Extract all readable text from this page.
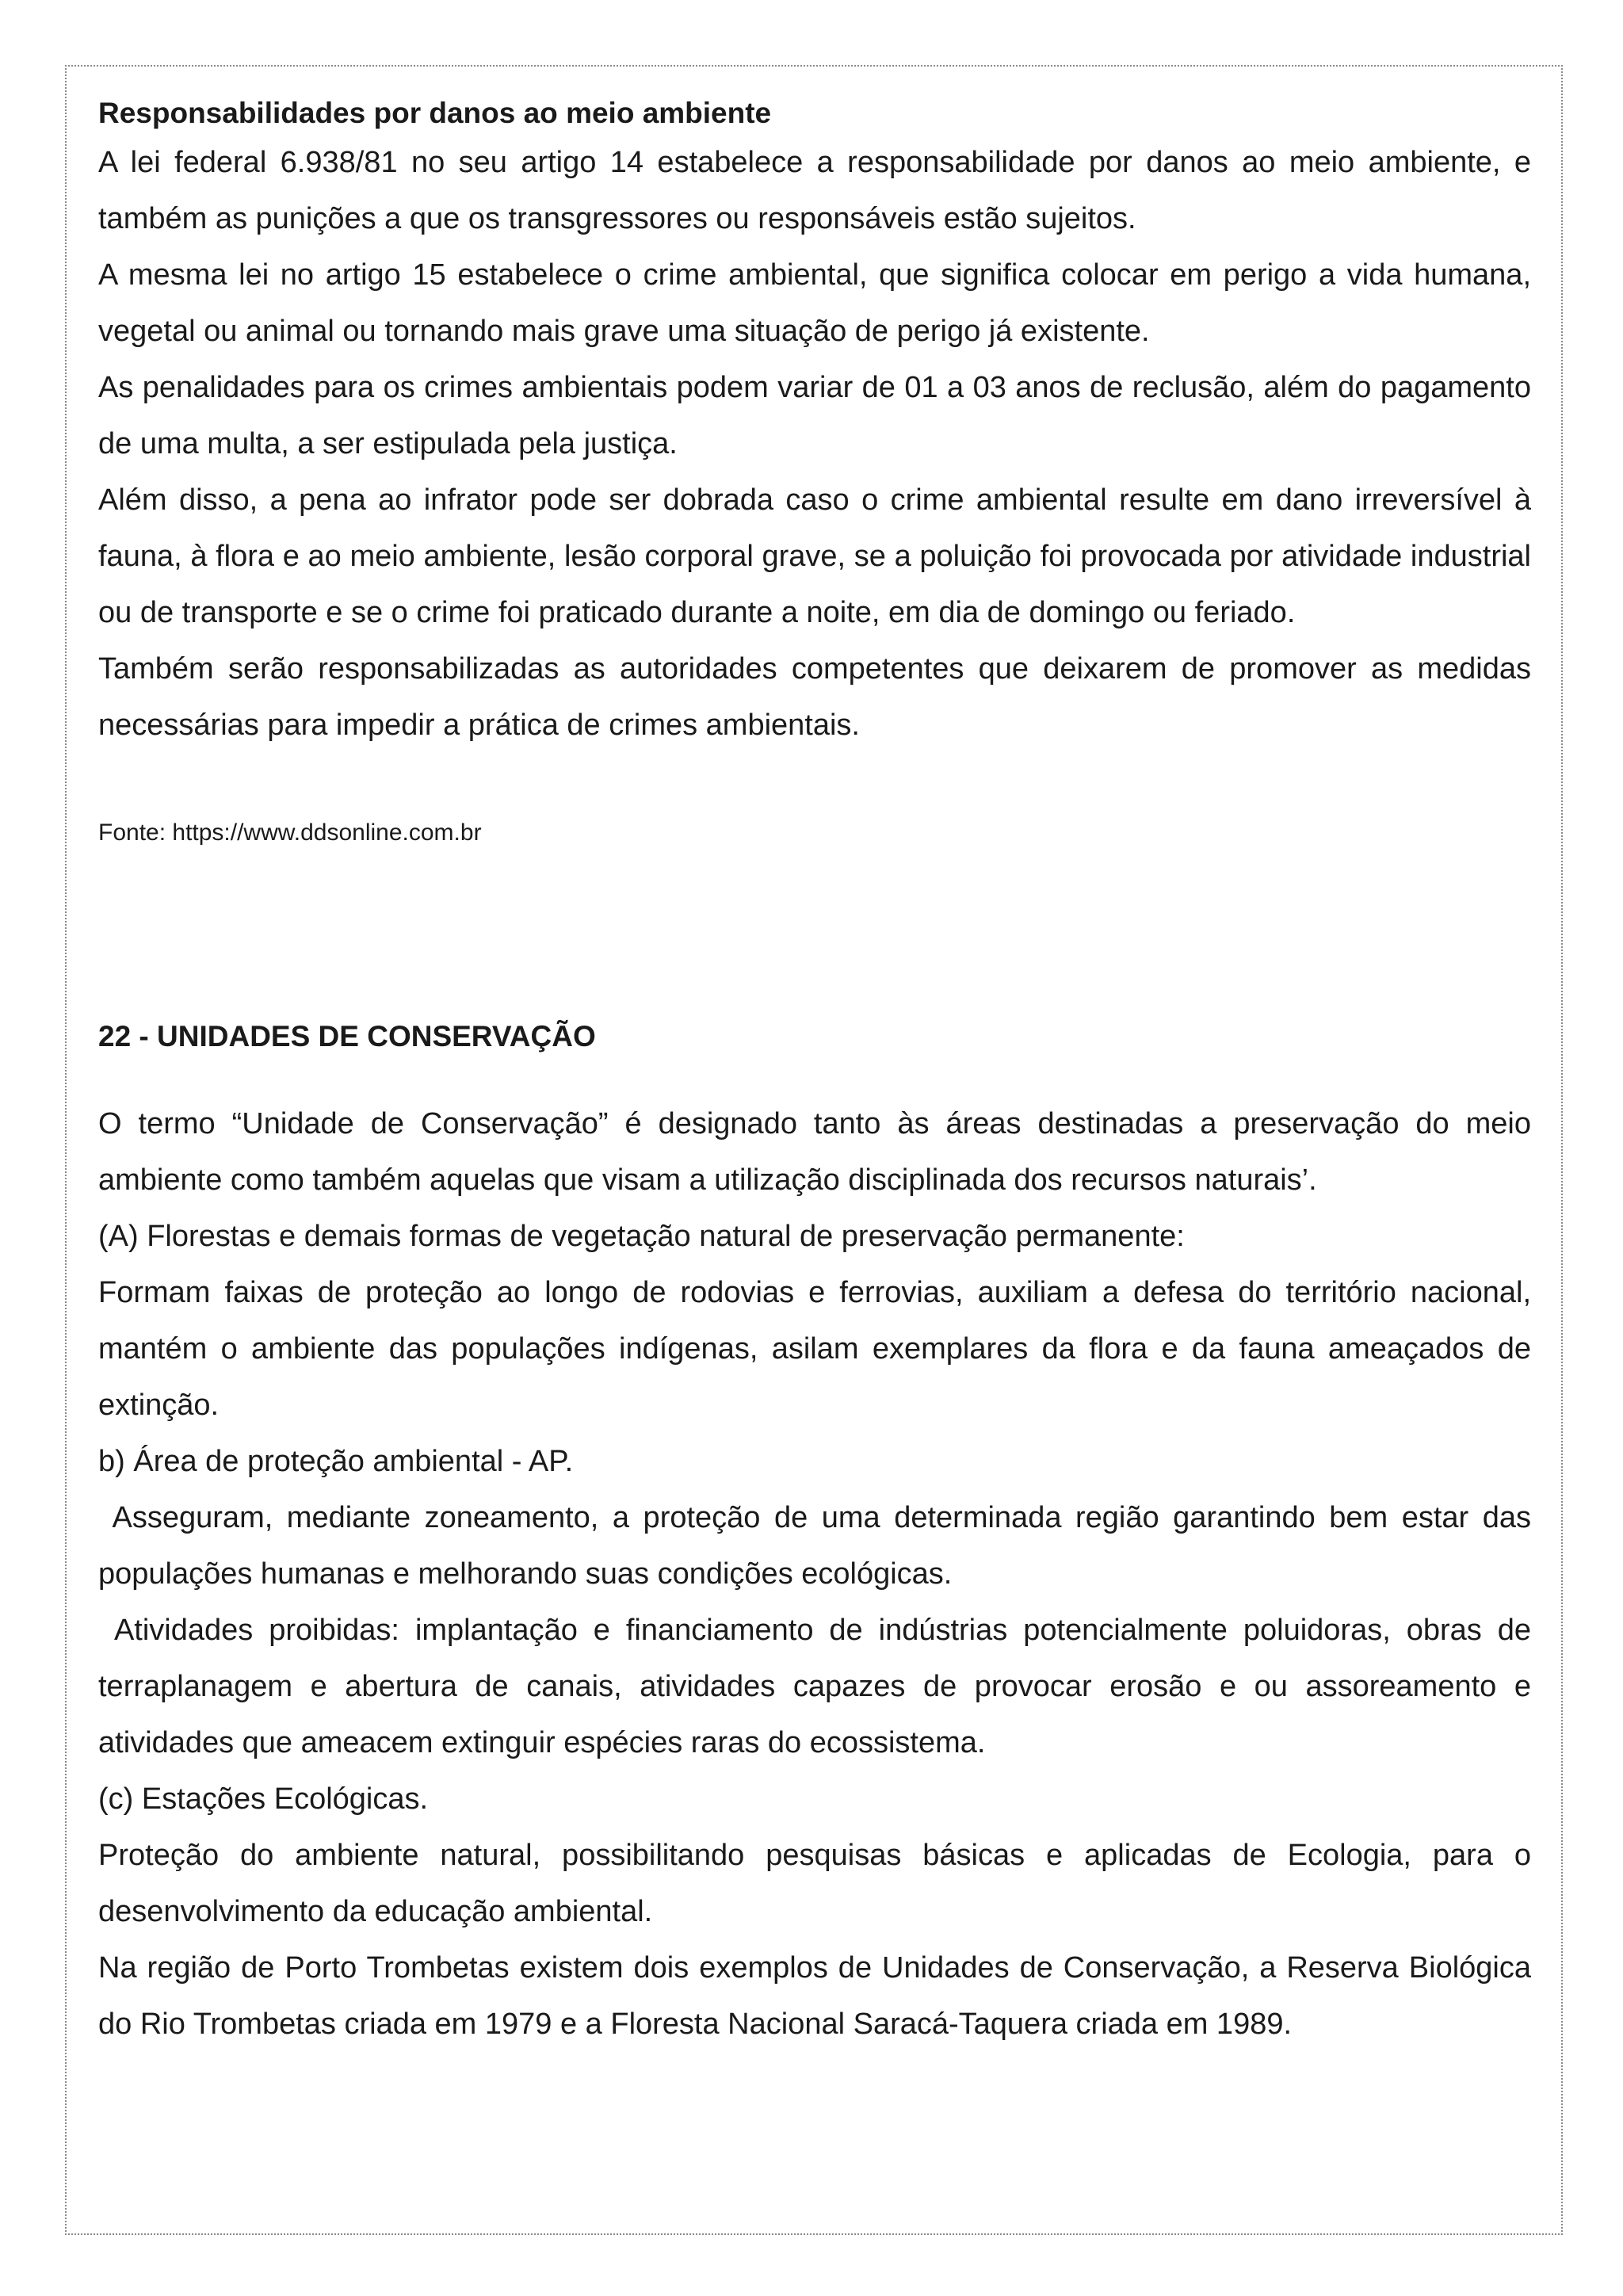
Responsabilidades por danos ao meio ambiente

A lei federal 6.938/81 no seu artigo 14 estabelece a responsabilidade por danos ao meio ambiente, e também as punições a que os transgressores ou responsáveis estão sujeitos.

A mesma lei no artigo 15 estabelece o crime ambiental, que significa colocar em perigo a vida humana, vegetal ou animal ou tornando mais grave uma situação de perigo já existente.

As penalidades para os crimes ambientais podem variar de 01 a 03 anos de reclusão, além do pagamento de uma multa, a ser estipulada pela justiça.

Além disso, a pena ao infrator pode ser dobrada caso o crime ambiental resulte em dano irreversível à fauna, à flora e ao meio ambiente, lesão corporal grave, se a poluição foi provocada por atividade industrial ou de transporte e se o crime foi praticado durante a noite, em dia de domingo ou feriado.

Também serão responsabilizadas as autoridades competentes que deixarem de promover as medidas necessárias para impedir a prática de crimes ambientais.

Fonte: https://www.ddsonline.com.br
22 - UNIDADES DE CONSERVAÇÃO

O termo “Unidade de Conservação” é designado tanto às áreas destinadas a preservação do meio ambiente como também aquelas que visam a utilização disciplinada dos recursos naturais’.

(A) Florestas e demais formas de vegetação natural de preservação permanente:

Formam faixas de proteção ao longo de rodovias e ferrovias, auxiliam a defesa do território nacional, mantém o ambiente das populações indígenas, asilam exemplares da flora e da fauna ameaçados de extinção.

b) Área de proteção ambiental - AP.

Asseguram, mediante zoneamento, a proteção de uma determinada região garantindo bem estar das populações humanas e melhorando suas condições ecológicas.

Atividades proibidas: implantação e financiamento de indústrias potencialmente poluidoras, obras de terraplanagem e abertura de canais, atividades capazes de provocar erosão e ou assoreamento e atividades que ameacem extinguir espécies raras do ecossistema.

(c) Estações Ecológicas.

Proteção do ambiente natural, possibilitando pesquisas básicas e aplicadas de Ecologia, para o desenvolvimento da educação ambiental.

Na região de Porto Trombetas existem dois exemplos de Unidades de Conservação, a Reserva Biológica do Rio Trombetas criada em 1979 e a Floresta Nacional Saracá-Taquera criada em 1989.
